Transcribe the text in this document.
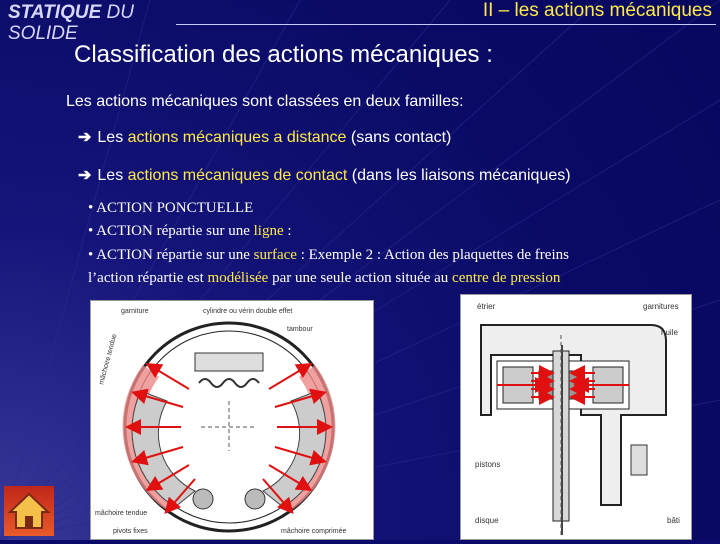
STATIQUE DU
SOLIDE
II – les actions mécaniques
Classification des actions mécaniques :
Les actions mécaniques sont classées en deux familles:
➔ Les actions mécaniques a distance (sans contact)
➔ Les actions mécaniques de contact (dans les liaisons mécaniques)
• ACTION PONCTUELLE
• ACTION répartie sur une ligne :
• ACTION répartie sur une surface : Exemple 2 : Action des plaquettes de freins
l’action répartie est modélisée par une seule action située au centre de pression
garniture	cylindre ou vérin double effet
tambour
mâchoire tendue
mâchoire tendue
pivots fixes	mâchoire comprimée
étrier	garnitures
huile
pistons
disque	bâti
